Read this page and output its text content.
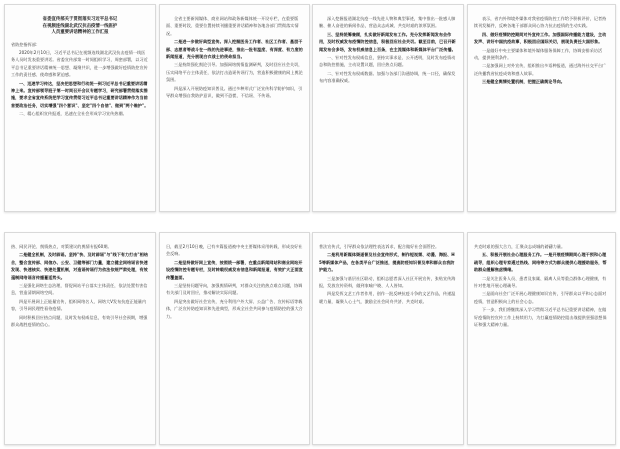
省委宣传部关于贯彻落实习近平总书记
在视频连线湖北武汉抗击疫情一线医护
人员重要讲话精神的工作汇报

省防控指挥部：

2020年2月10日，习近平总书记在视频连线湖北武汉抗击疫情一线医务人员时发表重要讲话。省委宣传部第一时间组织学习，周密部署，以习近平总书记重要讲话精神统一思想、凝聚共识，进一步增强做好疫情防控宣传工作的责任感、使命感和紧迫感。

一、迅速学习传达，坚决把思想和行动统一到习近平总书记重要讲话精神上来。宣传部领导班子第一时间召开会议专题学习，研究部署贯彻落实措施，要求全省宣传系统把学习宣传贯彻习近平总书记重要讲话精神作为当前首要政治任务，切实增强"四个意识"、坚定"四个自信"、做到"两个维护"。

二、精心组织宣传报道，迅速在全社会形成学习宣传热潮。

全省主要新闻媒体、商业网站和政务新媒体统一开设专栏，在重要版面、重要时段、重要位置持续刊播重要讲话精神和各地各部门贯彻落实情况。

二是进一步做好典型宣传。深入挖掘医务工作者、社区工作者、基层干部、志愿者等战斗在一线的先进事迹，推出一批有温度、有深度、有力度的新闻报道，充分展现白衣战士的使命担当。

三是持续强化舆论引导。加强网络舆情监测研判，及时回应社会关切，压实网络平台主体责任，依法打击造谣传谣行为，营造积极健康的网上舆论氛围。

四是深入开展防疫知识普及。通过多种形式广泛宣传科学防护知识，引导群众增强自我防护意识，做到不恐慌、不信谣、不传谣。

深入挖掘报道湖北抗疫一线先进人物和典型事迹，集中推出一批感人肺腑、催人奋进的新闻作品，营造众志成城、共克时艰的浓厚氛围。

三、坚持统筹兼顾，扎实做好新闻发布工作。充分发挥新闻发布会作用，及时权威发布疫情防控信息，积极回应社会关切。截至目前，已召开新闻发布会多场，发布权威信息上百条，在主流媒体和新媒体平台广泛传播。

一、针对性发布权威信息，坚持实事求是、公开透明，及时发布疫情动态和防控措施，主动设置议题，回应热点问题。

二、针对性发布权威数据。加强与各部门沟通协调，统一口径，确保发布内容准确权威。

表示，省内外和境外媒体对我省疫情防控工作给予积极评价，记者持续刊发稿件，反映各地干部群众同心协力抗击疫情的生动实践。

四、做好疫情防控期间对外宣传工作。加强国际传播能力建设，主动发声、讲好中国抗疫故事，积极回应国际关切，展现负责任大国形象。

一是做好中央主要媒体和境外媒体服务保障工作，协调安排采访活动，提供便利条件。

二是加强网上对外宣传，组织推出多语种报道，通过海外社交平台广泛传播我省抗疫成效和感人故事。

三是健全舆情处置机制，把握正确舆论导向。

热、网民评论、舆情热点，对策建议的舆情专报60期。

二是健全机制，及时辟谣。坚持"快、及时辟谣"与"线下有力打击"相结合，整合宣传部、网信办、公安、卫健等部门力量，建立健全网络谣言快速发现、快速核实、快速处置机制，对造谣传谣行为依法依规严肃处理，有效遏制网络谣言传播蔓延势头。

三是强化网络生态治理，督促网站平台落实主体责任，依法处置有害信息，营造清朗网络空间。

四是开展网上正能量宣传，组织网络名人、网络大V发布抗疫正能量内容，引导网民理性看待疫情。

同时积极回应热点问题，及时发布权威信息，有效引导社会预期，增强群众战胜疫情的信心。

日，截至2月10日晚，已有多篇报道被中央主要媒体采用转载，形成良好社会反响。

二是坚持做好网上宣传，按照统一部署，在重点新闻网站和商业网站开设疫情防控专题专栏，及时转载权威发布信息和新闻报道，有效扩大正面宣传覆盖面。

三是坚持问题导向，加强舆情研判，对群众关注的热点难点问题，协调有关部门及时回应，推动解决实际问题。

四是突出做好社会宣传，充分利用户外大屏、公益广告、宣传标语等载体，广泛宣传防疫知识和先进典型，形成全社会共同参与疫情防控的强大合力。

普法宣传式，引导群众依法理性表达诉求，配合做好社会面管控。

二是利用新媒体渠道普及社会宣传形式，制作短视频、动漫、海报、H5等新媒体产品，在各类平台广泛推送，提高防疫知识普及率和群众自我防护能力。

三是加强与基层社区联动，组织志愿者深入社区开展宣传，张贴宣传海报，发放宣传资料，做到家喻户晓、人人皆知。

四是发挥文艺工作者作用，创作一批反映抗疫斗争的文艺作品，传递温暖力量，凝聚人心士气，激励全社会同舟共济、共克时艰。

共克时艰的强大合力，汇聚众志成城的磅礴力量。

五、积极开展社会心理服务工作。一是开展疫情期间心理干预和心理疏导，组织心理专家通过热线、网络等方式为群众提供心理援助服务，帮助群众缓解焦虑情绪。

二是关注医务人员、患者及家属、隔离人员等重点群体心理健康，有针对性地开展心理疏导。

三是面向社会广泛开展心理健康知识宣传，引导群众以平和心态面对疫情，营造积极向上的社会心态。

下一步，我们将继续深入学习贯彻习近平总书记重要讲话精神，在做好疫情防控宣传工作上持续用力，为打赢疫情防控阻击战提供坚强思想保证和强大精神力量。
